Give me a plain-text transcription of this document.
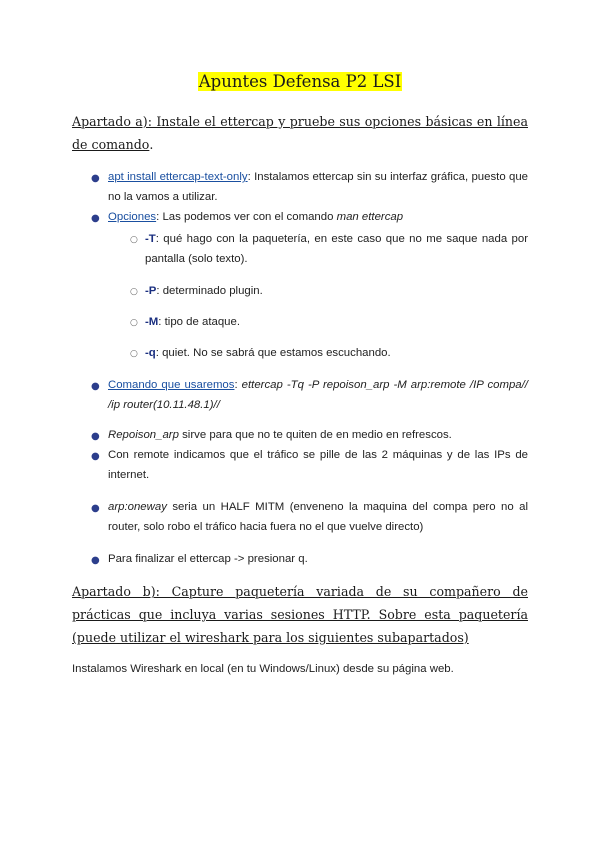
Apuntes Defensa P2 LSI
Apartado a): Instale el ettercap y pruebe sus opciones básicas en línea de comando.
● apt install ettercap-text-only: Instalamos ettercap sin su interfaz gráfica, puesto que no la vamos a utilizar.
● Opciones: Las podemos ver con el comando man ettercap
○ -T: qué hago con la paquetería, en este caso que no me saque nada por pantalla (solo texto).
○ -P: determinado plugin.
○ -M: tipo de ataque.
○ -q: quiet. No se sabrá que estamos escuchando.
● Comando que usaremos: ettercap -Tq -P repoison_arp -M arp:remote /IP compa// /ip router(10.11.48.1)//
● Repoison_arp sirve para que no te quiten de en medio en refrescos.
● Con remote indicamos que el tráfico se pille de las 2 máquinas y de las IPs de internet.
● arp:oneway seria un HALF MITM (enveneno la maquina del compa pero no al router, solo robo el tráfico hacia fuera no el que vuelve directo)
● Para finalizar el ettercap -> presionar q.
Apartado b): Capture paquetería variada de su compañero de prácticas que incluya varias sesiones HTTP. Sobre esta paquetería (puede utilizar el wireshark para los siguientes subapartados)
Instalamos Wireshark en local (en tu Windows/Linux) desde su página web.
